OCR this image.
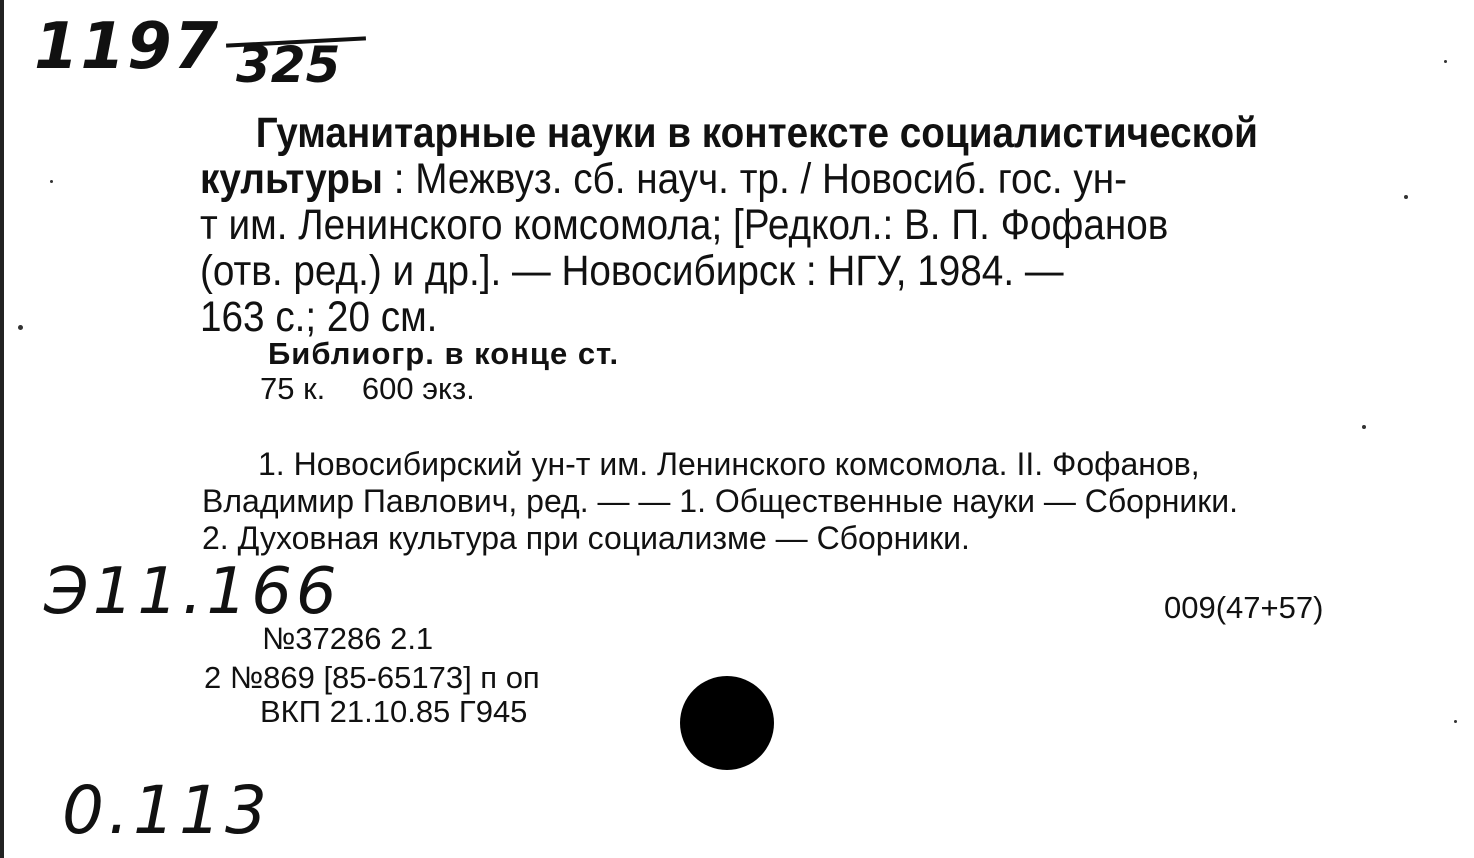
1197 325
Гуманитарные науки в контексте социалистической
культуры : Межвуз. сб. науч. тр. / Новосиб. гос. ун-
т им. Ленинского комсомола; [Редкол.: В. П. Фофанов
(отв. ред.) и др.]. — Новосибирск : НГУ, 1984. —
163 с.; 20 см.
Библиогр. в конце ст.
75 к. 600 экз.
1. Новосибирский ун-т им. Ленинского комсомола. II. Фофанов,
Владимир Павлович, ред. — — 1. Общественные науки — Сборники.
2. Духовная культура при социализме — Сборники.
Э11.166	009(47+57)
№37286 2.1
2 №869 [85-65173] п оп
ВКП 21.10.85 Г945
0.113
